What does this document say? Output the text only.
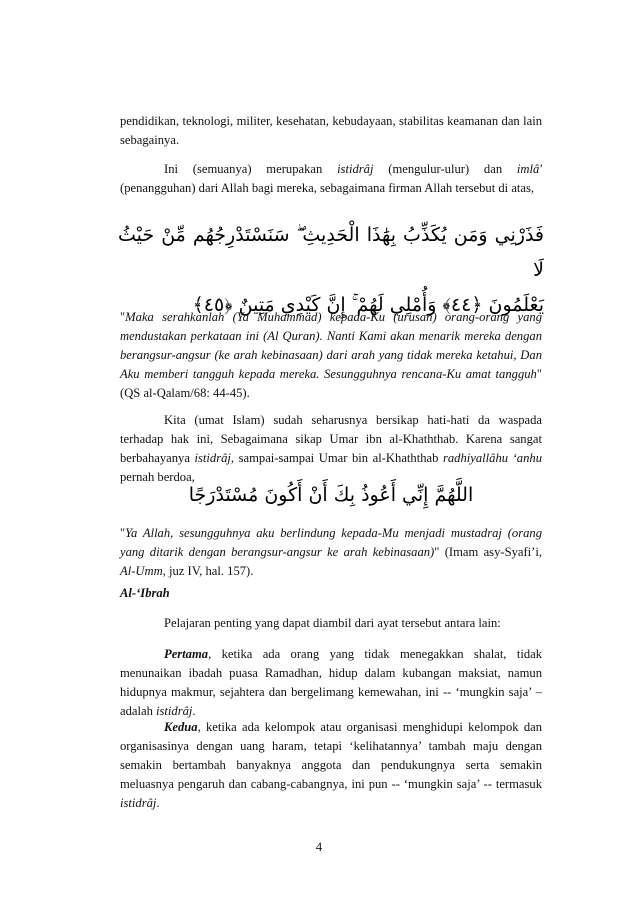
pendidikan, teknologi, militer, kesehatan, kebudayaan, stabilitas keamanan dan lain sebagainya.

Ini (semuanya) merupakan istidrâj (mengulur-ulur) dan imlâ' (penangguhan) dari Allah bagi mereka, sebagaimana firman Allah tersebut di atas,

فَذَرْنِي وَمَن يُكَذِّبُ بِهَٰذَا الْحَدِيثِ ۖ سَنَسْتَدْرِجُهُم مِّنْ حَيْثُ لَا
يَعْلَمُونَ ﴿٤٤﴾ وَأُمْلِي لَهُمْ ۚ إِنَّ كَيْدِي مَتِينٌ ﴿٤٥﴾

"Maka serahkanlah (Ya Muhammad) kepada-Ku (urusan) orang-orang yang mendustakan perkataan ini (Al Quran). Nanti Kami akan menarik mereka dengan berangsur-angsur (ke arah kebinasaan) dari arah yang tidak mereka ketahui, Dan Aku memberi tangguh kepada mereka. Sesungguhnya rencana-Ku amat tangguh" (QS al-Qalam/68: 44-45).

Kita (umat Islam) sudah seharusnya bersikap hati-hati da waspada terhadap hak ini, Sebagaimana sikap Umar ibn al-Khaththab. Karena sangat berbahayanya istidrâj, sampai-sampai Umar bin al-Khaththab radhiyallâhu ‘anhu pernah berdoa,

اللَّهُمَّ إِنِّي أَعُوذُ بِكَ أَنْ أَكُونَ مُسْتَدْرَجًا

"Ya Allah, sesungguhnya aku berlindung kepada-Mu menjadi mustadraj (orang yang ditarik dengan berangsur-angsur ke arah kebinasaan)" (Imam asy-Syafi’i, Al-Umm, juz IV, hal. 157).

Al-‘Ibrah

Pelajaran penting yang dapat diambil dari ayat tersebut antara lain:

Pertama, ketika ada orang yang tidak menegakkan shalat, tidak menunaikan ibadah puasa Ramadhan, hidup dalam kubangan maksiat, namun hidupnya makmur, sejahtera dan bergelimang kemewahan, ini -- ‘mungkin saja’ – adalah istidrâj.

Kedua, ketika ada kelompok atau organisasi menghidupi kelompok dan organisasinya dengan uang haram, tetapi ‘kelihatannya’ tambah maju dengan semakin bertambah banyaknya anggota dan pendukungnya serta semakin meluasnya pengaruh dan cabang-cabangnya, ini pun -- ‘mungkin saja’ -- termasuk istidrâj.

4
